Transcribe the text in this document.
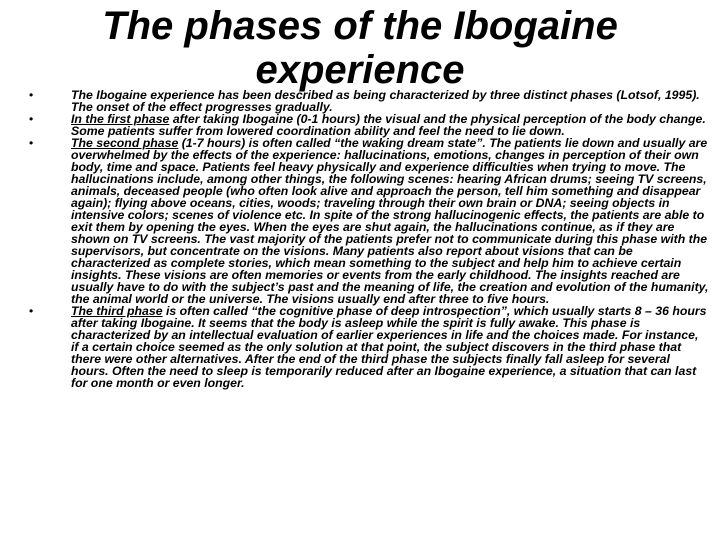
The phases of the Ibogaine experience
•	The Ibogaine experience has been described as being characterized by three distinct phases (Lotsof, 1995). The onset of the effect progresses gradually.
•	In the first phase after taking Ibogaine (0-1 hours) the visual and the physical perception of the body change. Some patients suffer from lowered coordination ability and feel the need to lie down.
•	The second phase (1-7 hours) is often called “the waking dream state”. The patients lie down and usually are overwhelmed by the effects of the experience: hallucinations, emotions, changes in perception of their own body, time and space. Patients feel heavy physically and experience difficulties when trying to move. The hallucinations include, among other things, the following scenes: hearing African drums; seeing TV screens, animals, deceased people (who often look alive and approach the person, tell him something and disappear again); flying above oceans, cities, woods; traveling through their own brain or DNA; seeing objects in intensive colors; scenes of violence etc. In spite of the strong hallucinogenic effects, the patients are able to exit them by opening the eyes. When the eyes are shut again, the hallucinations continue, as if they are shown on TV screens. The vast majority of the patients prefer not to communicate during this phase with the supervisors, but concentrate on the visions. Many patients also report about visions that can be characterized as complete stories, which mean something to the subject and help him to achieve certain insights. These visions are often memories or events from the early childhood. The insights reached are usually have to do with the subject’s past and the meaning of life, the creation and evolution of the humanity, the animal world or the universe. The visions usually end after three to five hours.
•	The third phase is often called “the cognitive phase of deep introspection”, which usually starts 8 – 36 hours after taking Ibogaine. It seems that the body is asleep while the spirit is fully awake. This phase is characterized by an intellectual evaluation of earlier experiences in life and the choices made. For instance, if a certain choice seemed as the only solution at that point, the subject discovers in the third phase that there were other alternatives. After the end of the third phase the subjects finally fall asleep for several hours. Often the need to sleep is temporarily reduced after an Ibogaine experience, a situation that can last for one month or even longer.
